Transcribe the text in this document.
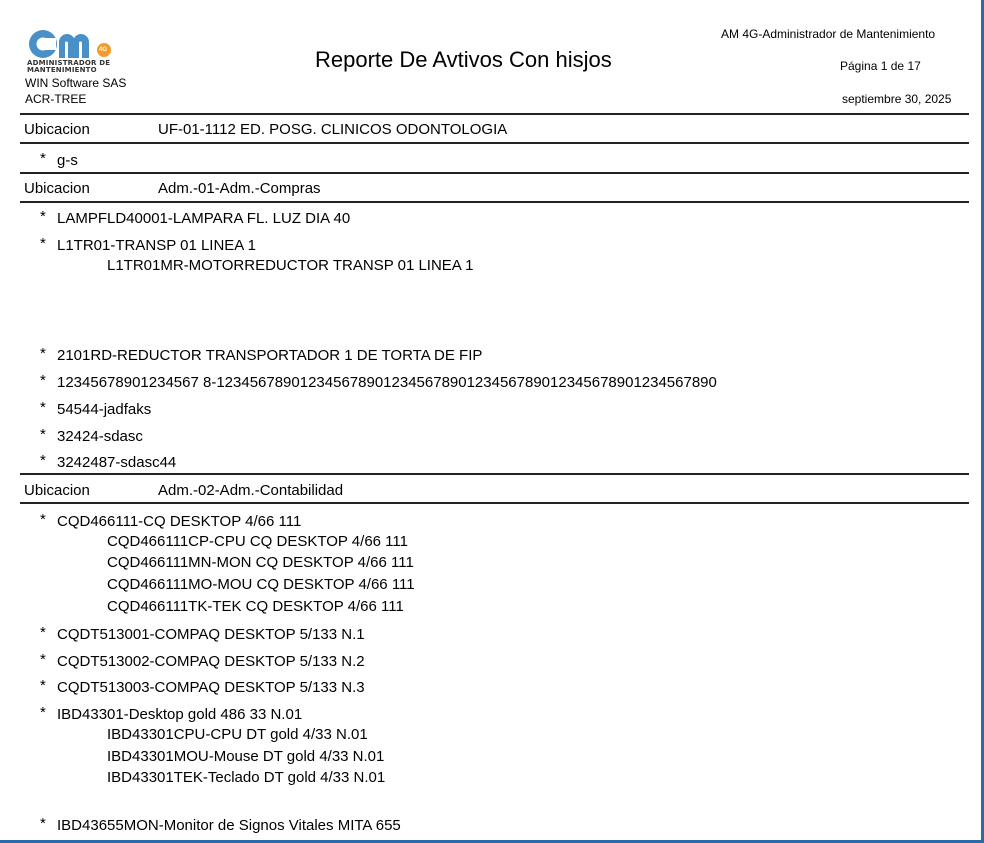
4G
ADMINISTRADOR DE
MANTENIMIENTO
WIN Software SAS
ACR-TREE
Reporte De Avtivos Con hisjos
AM 4G-Administrador de Mantenimiento
Página 1 de 17
septiembre 30, 2025
Ubicacion	UF-01-1112 ED. POSG. CLINICOS ODONTOLOGIA
* g-s
Ubicacion	Adm.-01-Adm.-Compras
* LAMPFLD40001-LAMPARA FL. LUZ DIA 40
* L1TR01-TRANSP 01 LINEA 1
L1TR01MR-MOTORREDUCTOR TRANSP 01 LINEA 1
* 2101RD-REDUCTOR TRANSPORTADOR 1 DE TORTA DE FIP
* 12345678901234567 8-123456789012345678901234567890123456789012345678901234567890
* 54544-jadfaks
* 32424-sdasc
* 3242487-sdasc44
Ubicacion	Adm.-02-Adm.-Contabilidad
* CQD466111-CQ DESKTOP 4/66 111
CQD466111CP-CPU CQ DESKTOP 4/66 111
CQD466111MN-MON CQ DESKTOP 4/66 111
CQD466111MO-MOU CQ DESKTOP 4/66 111
CQD466111TK-TEK CQ DESKTOP 4/66 111
* CQDT513001-COMPAQ DESKTOP 5/133 N.1
* CQDT513002-COMPAQ DESKTOP 5/133 N.2
* CQDT513003-COMPAQ DESKTOP 5/133 N.3
* IBD43301-Desktop gold 486 33 N.01
IBD43301CPU-CPU DT gold 4/33 N.01
IBD43301MOU-Mouse DT gold 4/33 N.01
IBD43301TEK-Teclado DT gold 4/33 N.01
* IBD43655MON-Monitor de Signos Vitales MITA 655
